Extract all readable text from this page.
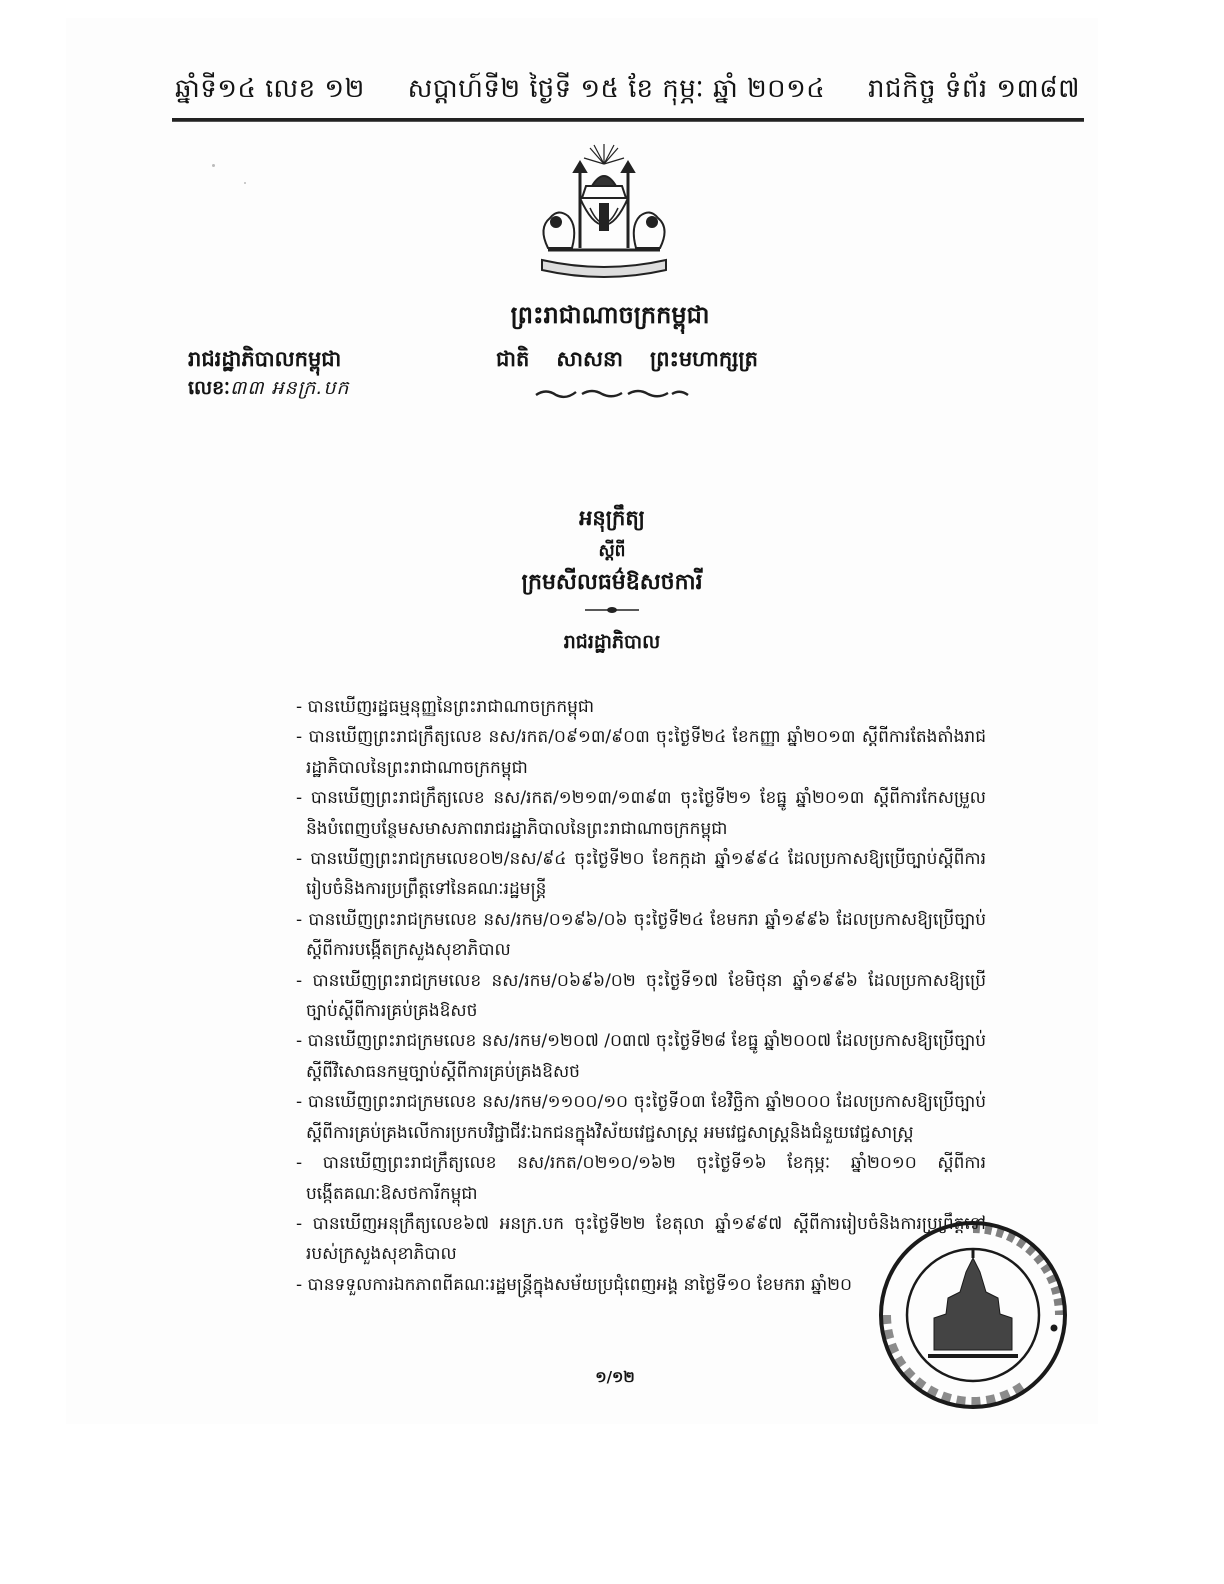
ឆ្នាំទី១៤ លេខ ១២ សប្តាហ៍ទី២ ថ្ងៃទី ១៥ ខែ កុម្ភៈ ឆ្នាំ ២០១៤ រាជកិច្ច ទំព័រ ១៣៨៧
ព្រះរាជាណាចក្រកម្ពុជា
រាជរដ្ឋាភិបាលកម្ពុជា	ជាតិ សាសនា ព្រះមហាក្សត្រ
លេខៈ៣៣ អនក្រ.បក
អនុក្រឹត្យ
ស្តីពី
ក្រមសីលធម៌ឱសថការី
រាជរដ្ឋាភិបាល
- បានឃើញរដ្ឋធម្មនុញ្ញនៃព្រះរាជាណាចក្រកម្ពុជា
- បានឃើញព្រះរាជក្រឹត្យលេខ នស/រកត/០៩១៣/៩០៣ ចុះថ្ងៃទី២៤ ខែកញ្ញា ឆ្នាំ២០១៣ ស្តីពីការតែងតាំងរាជរដ្ឋាភិបាលនៃព្រះរាជាណាចក្រកម្ពុជា
- បានឃើញព្រះរាជក្រឹត្យលេខ នស/រកត/១២១៣/១៣៩៣ ចុះថ្ងៃទី២១ ខែធ្នូ ឆ្នាំ២០១៣ ស្តីពីការកែសម្រួលនិងបំពេញបន្ថែមសមាសភាពរាជរដ្ឋាភិបាលនៃព្រះរាជាណាចក្រកម្ពុជា
- បានឃើញព្រះរាជក្រមលេខ០២/នស/៩៤ ចុះថ្ងៃទី២០ ខែកក្កដា ឆ្នាំ១៩៩៤ ដែលប្រកាសឱ្យប្រើច្បាប់ស្តីពីការរៀបចំនិងការប្រព្រឹត្តទៅនៃគណៈរដ្ឋមន្ត្រី
- បានឃើញព្រះរាជក្រមលេខ នស/រកម/០១៩៦/០៦ ចុះថ្ងៃទី២៤ ខែមករា ឆ្នាំ១៩៩៦ ដែលប្រកាសឱ្យប្រើច្បាប់ស្តីពីការបង្កើតក្រសួងសុខាភិបាល
- បានឃើញព្រះរាជក្រមលេខ នស/រកម/០៦៩៦/០២ ចុះថ្ងៃទី១៧ ខែមិថុនា ឆ្នាំ១៩៩៦ ដែលប្រកាសឱ្យប្រើច្បាប់ស្តីពីការគ្រប់គ្រងឱសថ
- បានឃើញព្រះរាជក្រមលេខ នស/រកម/១២០៧ /០៣៧ ចុះថ្ងៃទី២៨ ខែធ្នូ ឆ្នាំ២០០៧ ដែលប្រកាសឱ្យប្រើច្បាប់ស្តីពីវិសោធនកម្មច្បាប់ស្តីពីការគ្រប់គ្រងឱសថ
- បានឃើញព្រះរាជក្រមលេខ នស/រកម/១១០០/១០ ចុះថ្ងៃទី០៣ ខែវិច្ឆិកា ឆ្នាំ២០០០ ដែលប្រកាសឱ្យប្រើច្បាប់ស្តីពីការគ្រប់គ្រងលើការប្រកបវិជ្ជាជីវៈឯកជនក្នុងវិស័យវេជ្ជសាស្ត្រ អមវេជ្ជសាស្ត្រនិងជំនួយវេជ្ជសាស្ត្រ
- បានឃើញព្រះរាជក្រឹត្យលេខ នស/រកត/០២១០/១៦២ ចុះថ្ងៃទី១៦ ខែកុម្ភៈ ឆ្នាំ២០១០ ស្តីពីការបង្កើតគណៈឱសថការីកម្ពុជា
- បានឃើញអនុក្រឹត្យលេខ៦៧ អនក្រ.បក ចុះថ្ងៃទី២២ ខែតុលា ឆ្នាំ១៩៩៧ ស្តីពីការរៀបចំនិងការប្រព្រឹត្តទៅរបស់ក្រសួងសុខាភិបាល
- បានទទួលការឯកភាពពីគណៈរដ្ឋមន្ត្រីក្នុងសម័យប្រជុំពេញអង្គ នាថ្ងៃទី១០ ខែមករា ឆ្នាំ២០
១/១២
